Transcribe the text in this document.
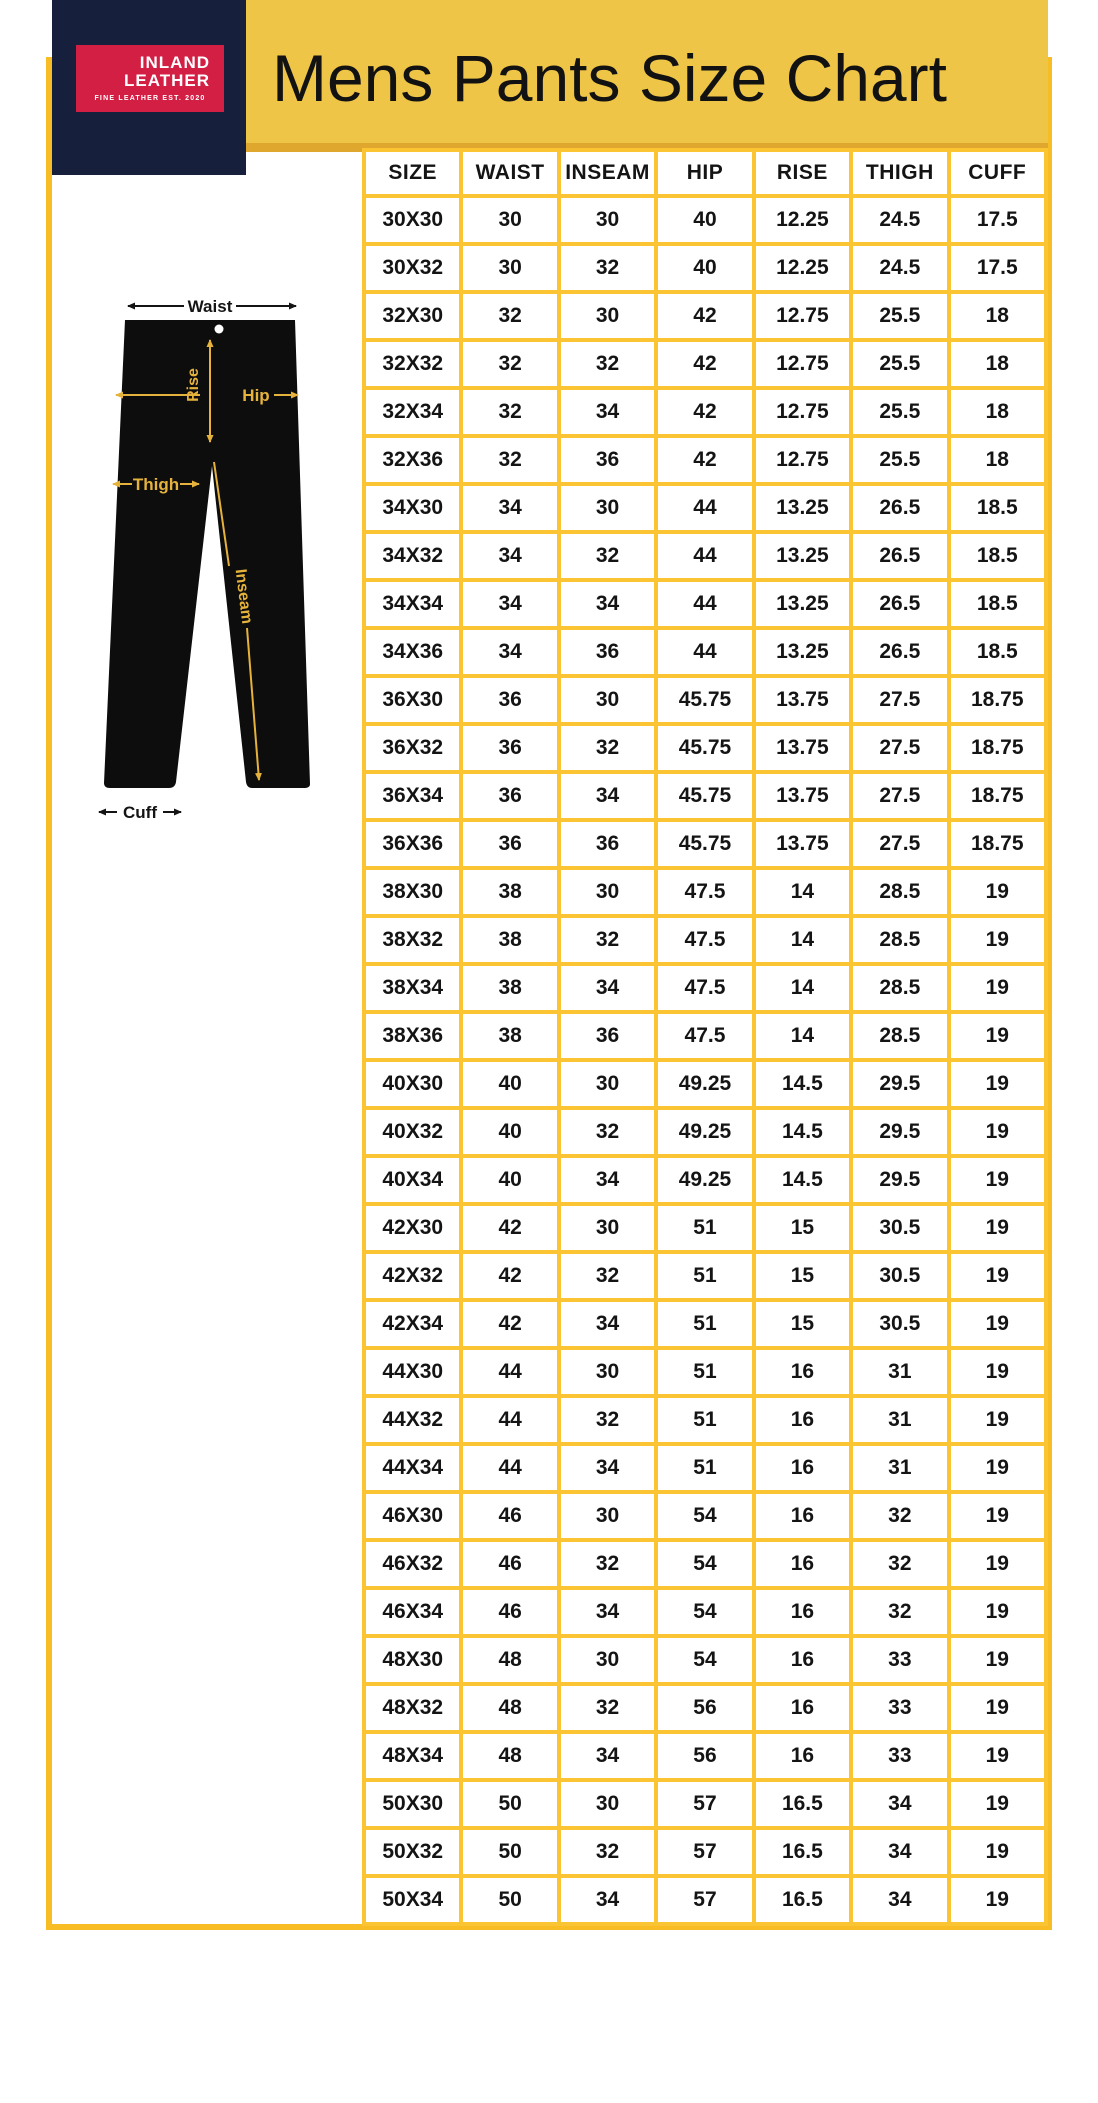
Mens Pants Size Chart
INLAND
LEATHER
FINE LEATHER EST. 2020
Waist
Rise Hip
Thigh
Inseam
Cuff
SIZE	WAIST	INSEAM	HIP	RISE	THIGH	CUFF
30X30	30	30	40	12.25	24.5	17.5
30X32	30	32	40	12.25	24.5	17.5
32X30	32	30	42	12.75	25.5	18
32X32	32	32	42	12.75	25.5	18
32X34	32	34	42	12.75	25.5	18
32X36	32	36	42	12.75	25.5	18
34X30	34	30	44	13.25	26.5	18.5
34X32	34	32	44	13.25	26.5	18.5
34X34	34	34	44	13.25	26.5	18.5
34X36	34	36	44	13.25	26.5	18.5
36X30	36	30	45.75	13.75	27.5	18.75
36X32	36	32	45.75	13.75	27.5	18.75
36X34	36	34	45.75	13.75	27.5	18.75
36X36	36	36	45.75	13.75	27.5	18.75
38X30	38	30	47.5	14	28.5	19
38X32	38	32	47.5	14	28.5	19
38X34	38	34	47.5	14	28.5	19
38X36	38	36	47.5	14	28.5	19
40X30	40	30	49.25	14.5	29.5	19
40X32	40	32	49.25	14.5	29.5	19
40X34	40	34	49.25	14.5	29.5	19
42X30	42	30	51	15	30.5	19
42X32	42	32	51	15	30.5	19
42X34	42	34	51	15	30.5	19
44X30	44	30	51	16	31	19
44X32	44	32	51	16	31	19
44X34	44	34	51	16	31	19
46X30	46	30	54	16	32	19
46X32	46	32	54	16	32	19
46X34	46	34	54	16	32	19
48X30	48	30	54	16	33	19
48X32	48	32	56	16	33	19
48X34	48	34	56	16	33	19
50X30	50	30	57	16.5	34	19
50X32	50	32	57	16.5	34	19
50X34	50	34	57	16.5	34	19
